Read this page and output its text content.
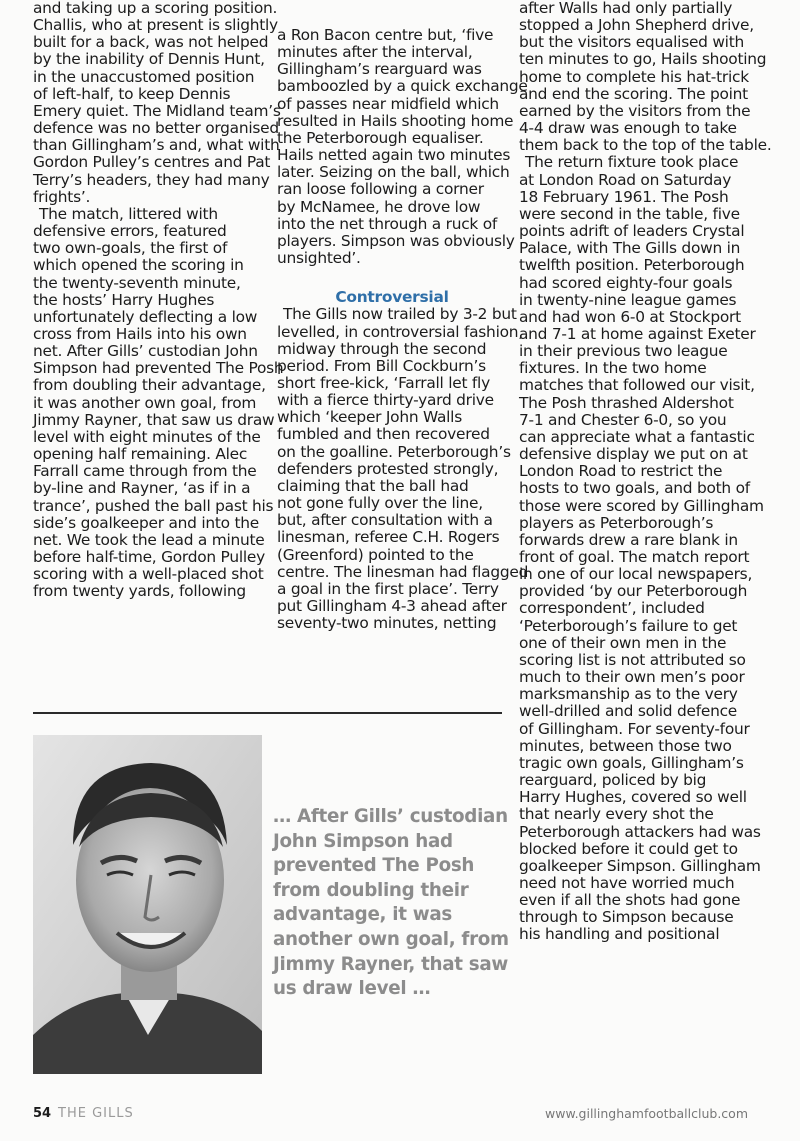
and taking up a scoring position.

Challis, who at present is slightly

built for a back, was not helped

by the inability of Dennis Hunt,

in the unaccustomed position

of left-half, to keep Dennis

Emery quiet. The Midland team’s

defence was no better organised

than Gillingham’s and, what with

Gordon Pulley’s centres and Pat

Terry’s headers, they had many

frights’.

The match, littered with

defensive errors, featured

two own-goals, the first of

which opened the scoring in

the twenty-seventh minute,

the hosts’ Harry Hughes

unfortunately deflecting a low

cross from Hails into his own

net. After Gills’ custodian John

Simpson had prevented The Posh

from doubling their advantage,

it was another own goal, from

Jimmy Rayner, that saw us draw

level with eight minutes of the

opening half remaining. Alec

Farrall came through from the

by-line and Rayner, ‘as if in a

trance’, pushed the ball past his

side’s goalkeeper and into the

net. We took the lead a minute

before half-time, Gordon Pulley

scoring with a well-placed shot

from twenty yards, following

a Ron Bacon centre but, ‘five

minutes after the interval,

Gillingham’s rearguard was

bamboozled by a quick exchange

of passes near midfield which

resulted in Hails shooting home

the Peterborough equaliser.

Hails netted again two minutes

later. Seizing on the ball, which

ran loose following a corner

by McNamee, he drove low

into the net through a ruck of

players. Simpson was obviously

unsighted’.

Controversial

The Gills now trailed by 3-2 but

levelled, in controversial fashion,

midway through the second

period. From Bill Cockburn’s

short free-kick, ‘Farrall let fly

with a fierce thirty-yard drive

which ‘keeper John Walls

fumbled and then recovered

on the goalline. Peterborough’s

defenders protested strongly,

claiming that the ball had

not gone fully over the line,

but, after consultation with a

linesman, referee C.H. Rogers

(Greenford) pointed to the

centre. The linesman had flagged

a goal in the first place’. Terry

put Gillingham 4-3 ahead after

seventy-two minutes, netting

after Walls had only partially

stopped a John Shepherd drive,

but the visitors equalised with

ten minutes to go, Hails shooting

home to complete his hat-trick

and end the scoring. The point

earned by the visitors from the

4-4 draw was enough to take

them back to the top of the table.

The return fixture took place

at London Road on Saturday

18 February 1961. The Posh

were second in the table, five

points adrift of leaders Crystal

Palace, with The Gills down in

twelfth position. Peterborough

had scored eighty-four goals

in twenty-nine league games

and had won 6-0 at Stockport

and 7-1 at home against Exeter

in their previous two league

fixtures. In the two home

matches that followed our visit,

The Posh thrashed Aldershot

7-1 and Chester 6-0, so you

can appreciate what a fantastic

defensive display we put on at

London Road to restrict the

hosts to two goals, and both of

those were scored by Gillingham

players as Peterborough’s

forwards drew a rare blank in

front of goal. The match report

in one of our local newspapers,

provided ‘by our Peterborough

correspondent’, included

‘Peterborough’s failure to get

one of their own men in the

scoring list is not attributed so

much to their own men’s poor

marksmanship as to the very

well-drilled and solid defence

of Gillingham. For seventy-four

minutes, between those two

tragic own goals, Gillingham’s

rearguard, policed by big

Harry Hughes, covered so well

that nearly every shot the

Peterborough attackers had was

blocked before it could get to

goalkeeper Simpson. Gillingham

need not have worried much

even if all the shots had gone

through to Simpson because

his handling and positional

… After Gills’ custodian

John Simpson had

prevented The Posh

from doubling their

advantage, it was

another own goal, from

Jimmy Rayner, that saw

us draw level …

54 THE GILLS	www.gillinghamfootballclub.com
